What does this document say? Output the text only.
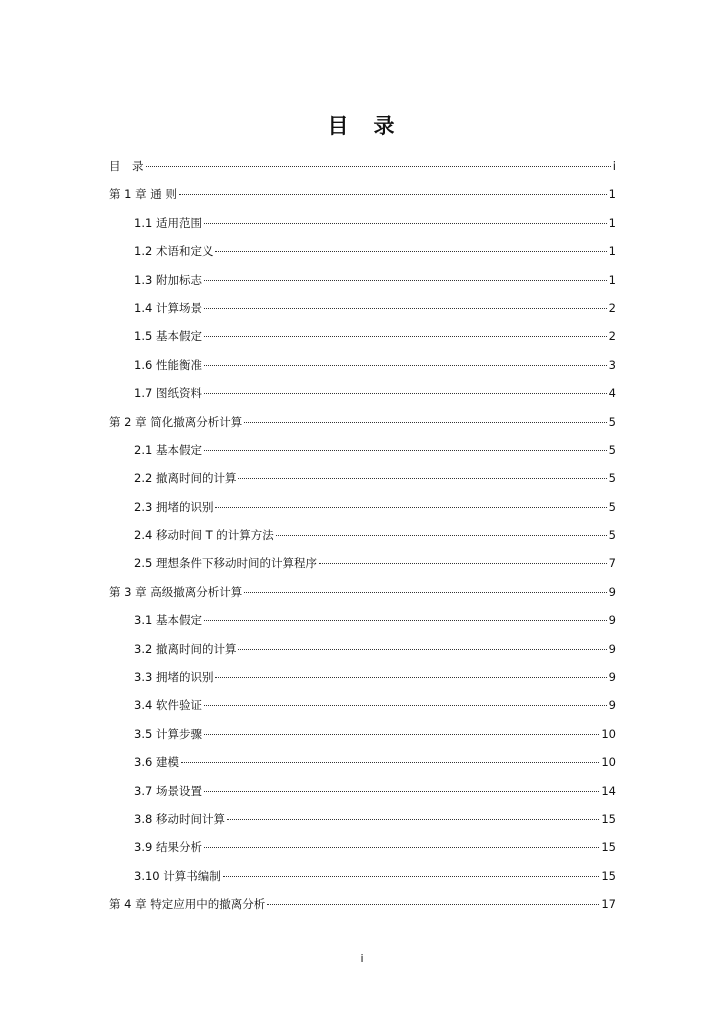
目　录
目　录	i
第 1 章 通 则	1
1.1 适用范围	1
1.2 术语和定义	1
1.3 附加标志	1
1.4 计算场景	2
1.5 基本假定	2
1.6 性能衡准	3
1.7 图纸资料	4
第 2 章 简化撤离分析计算	5
2.1 基本假定	5
2.2 撤离时间的计算	5
2.3 拥堵的识别	5
2.4 移动时间 T 的计算方法	5
2.5 理想条件下移动时间的计算程序	7
第 3 章 高级撤离分析计算	9
3.1 基本假定	9
3.2 撤离时间的计算	9
3.3 拥堵的识别	9
3.4 软件验证	9
3.5 计算步骤	10
3.6 建模	10
3.7 场景设置	14
3.8 移动时间计算	15
3.9 结果分析	15
3.10 计算书编制	15
第 4 章 特定应用中的撤离分析	17
i
